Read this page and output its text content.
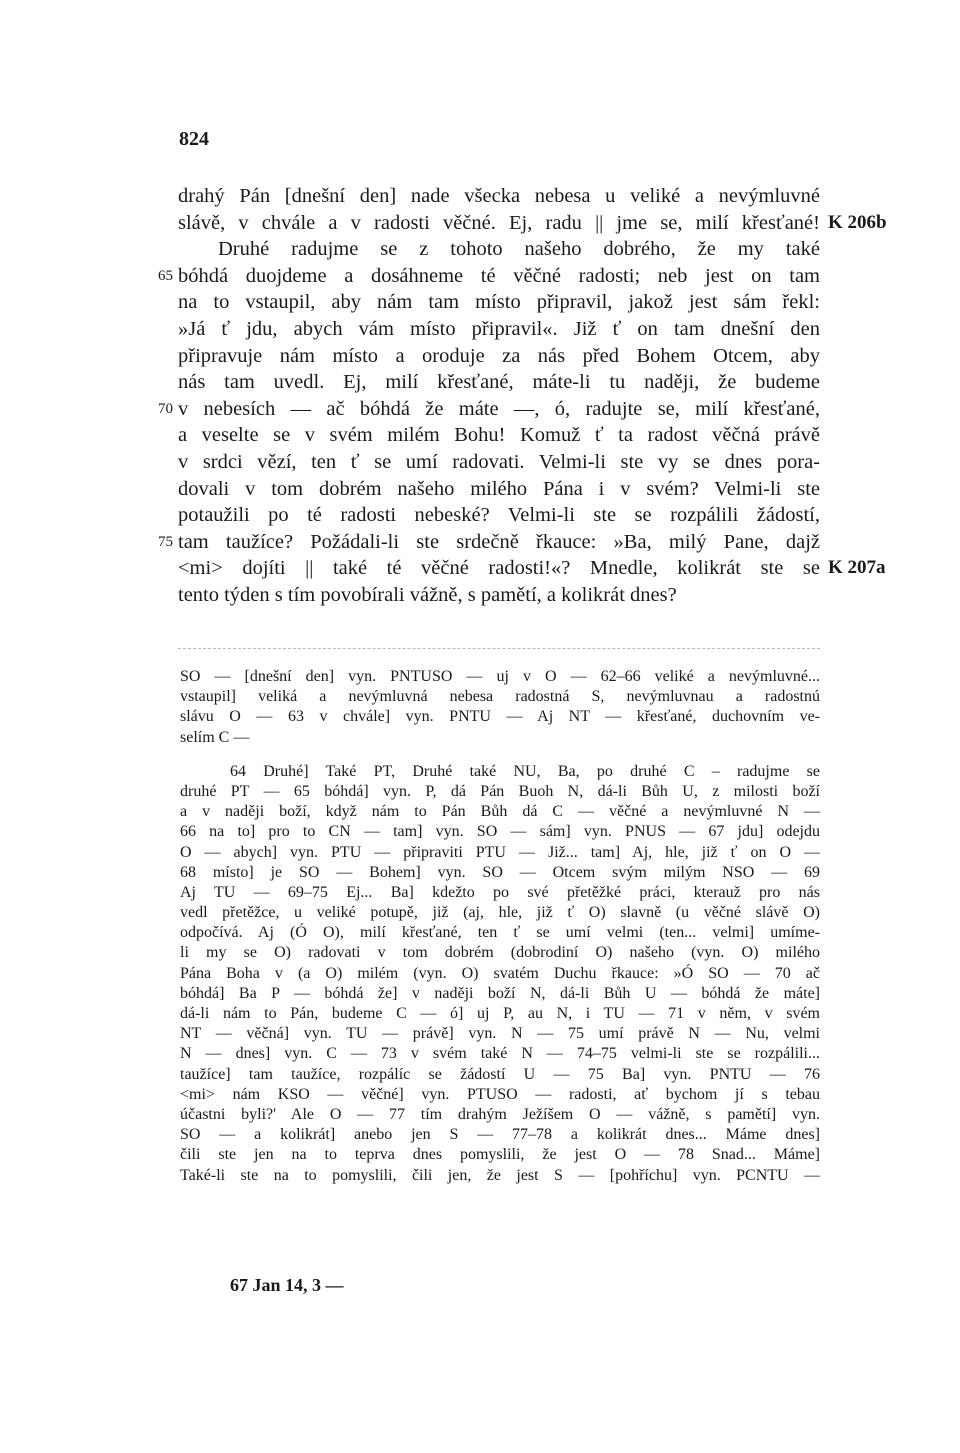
824
drahý Pán [dnešní den] nade všecka nebesa u veliké a nevýmluvné
slávě, v chvále a v radosti věčné. Ej, radu || jme se, milí křesťané! K 206b
Druhé radujme se z tohoto našeho dobrého, že my také
65 bóhdá duojdeme a dosáhneme té věčné radosti; neb jest on tam
na to vstaupil, aby nám tam místo připravil, jakož jest sám řekl:
»Já ť jdu, abych vám místo připravil«. Již ť on tam dnešní den
připravuje nám místo a oroduje za nás před Bohem Otcem, aby
nás tam uvedl. Ej, milí křesťané, máte-li tu naději, že budeme
70 v nebesích — ač bóhdá že máte —, ó, radujte se, milí křesťané,
a veselte se v svém milém Bohu! Komuž ť ta radost věčná právě
v srdci vězí, ten ť se umí radovati. Velmi-li ste vy se dnes pora-
dovali v tom dobrém našeho milého Pána i v svém? Velmi-li ste
potaužili po té radosti nebeské? Velmi-li ste se rozpálili žádostí,
75 tam taužíce? Požádali-li ste srdečně řkauce: »Ba, milý Pane, dajž
<mi> dojíti || také té věčné radosti!«? Mnedle, kolikrát ste se K 207a
tento týden s tím povobírali vážně, s pamětí, a kolikrát dnes?
SO — [dnešní den] vyn. PNTUSO — uj v O — 62–66 veliké a nevýmluvné...
vstaupil] veliká a nevýmluvná nebesa radostná S, nevýmluvnau a radostnú
slávu O — 63 v chvále] vyn. PNTU — Aj NT — křesťané, duchovním ve-
selím C —
64 Druhé] Také PT, Druhé také NU, Ba, po druhé C – radujme se
druhé PT — 65 bóhdá] vyn. P, dá Pán Buoh N, dá-li Bůh U, z milosti boží
a v naději boží, když nám to Pán Bůh dá C — věčné a nevýmluvné N —
66 na to] pro to CN — tam] vyn. SO — sám] vyn. PNUS — 67 jdu] odejdu
O — abych] vyn. PTU — připraviti PTU — Již... tam] Aj, hle, již ť on O —
68 místo] je SO — Bohem] vyn. SO — Otcem svým milým NSO — 69
Aj TU — 69–75 Ej... Ba] kdežto po své přetěžké práci, kterauž pro nás
vedl přetěžce, u veliké potupě, již (aj, hle, již ť O) slavně (u věčné slávě O)
odpočívá. Aj (Ó O), milí křesťané, ten ť se umí velmi (ten... velmi] umíme-
li my se O) radovati v tom dobrém (dobrodiní O) našeho (vyn. O) milého
Pána Boha v (a O) milém (vyn. O) svatém Duchu řkauce: »Ó SO — 70 ač
bóhdá] Ba P — bóhdá že] v naději boží N, dá-li Bůh U — bóhdá že máte]
dá-li nám to Pán, budeme C — ó] uj P, au N, i TU — 71 v něm, v svém
NT — věčná] vyn. TU — právě] vyn. N — 75 umí právě N — Nu, velmi
N — dnes] vyn. C — 73 v svém také N — 74–75 velmi-li ste se rozpálili...
taužíce] tam taužíce, rozpálíc se žádostí U — 75 Ba] vyn. PNTU — 76
<mi> nám KSO — věčné] vyn. PTUSO — radosti, ať bychom jí s tebau
účastni byli?' Ale O — 77 tím drahým Ježíšem O — vážně, s pamětí] vyn.
SO — a kolikrát] anebo jen S — 77–78 a kolikrát dnes... Máme dnes]
čili ste jen na to teprva dnes pomyslili, že jest O — 78 Snad... Máme]
Také-li ste na to pomyslili, čili jen, že jest S — [pohříchu] vyn. PCNTU —
67 Jan 14, 3 —
